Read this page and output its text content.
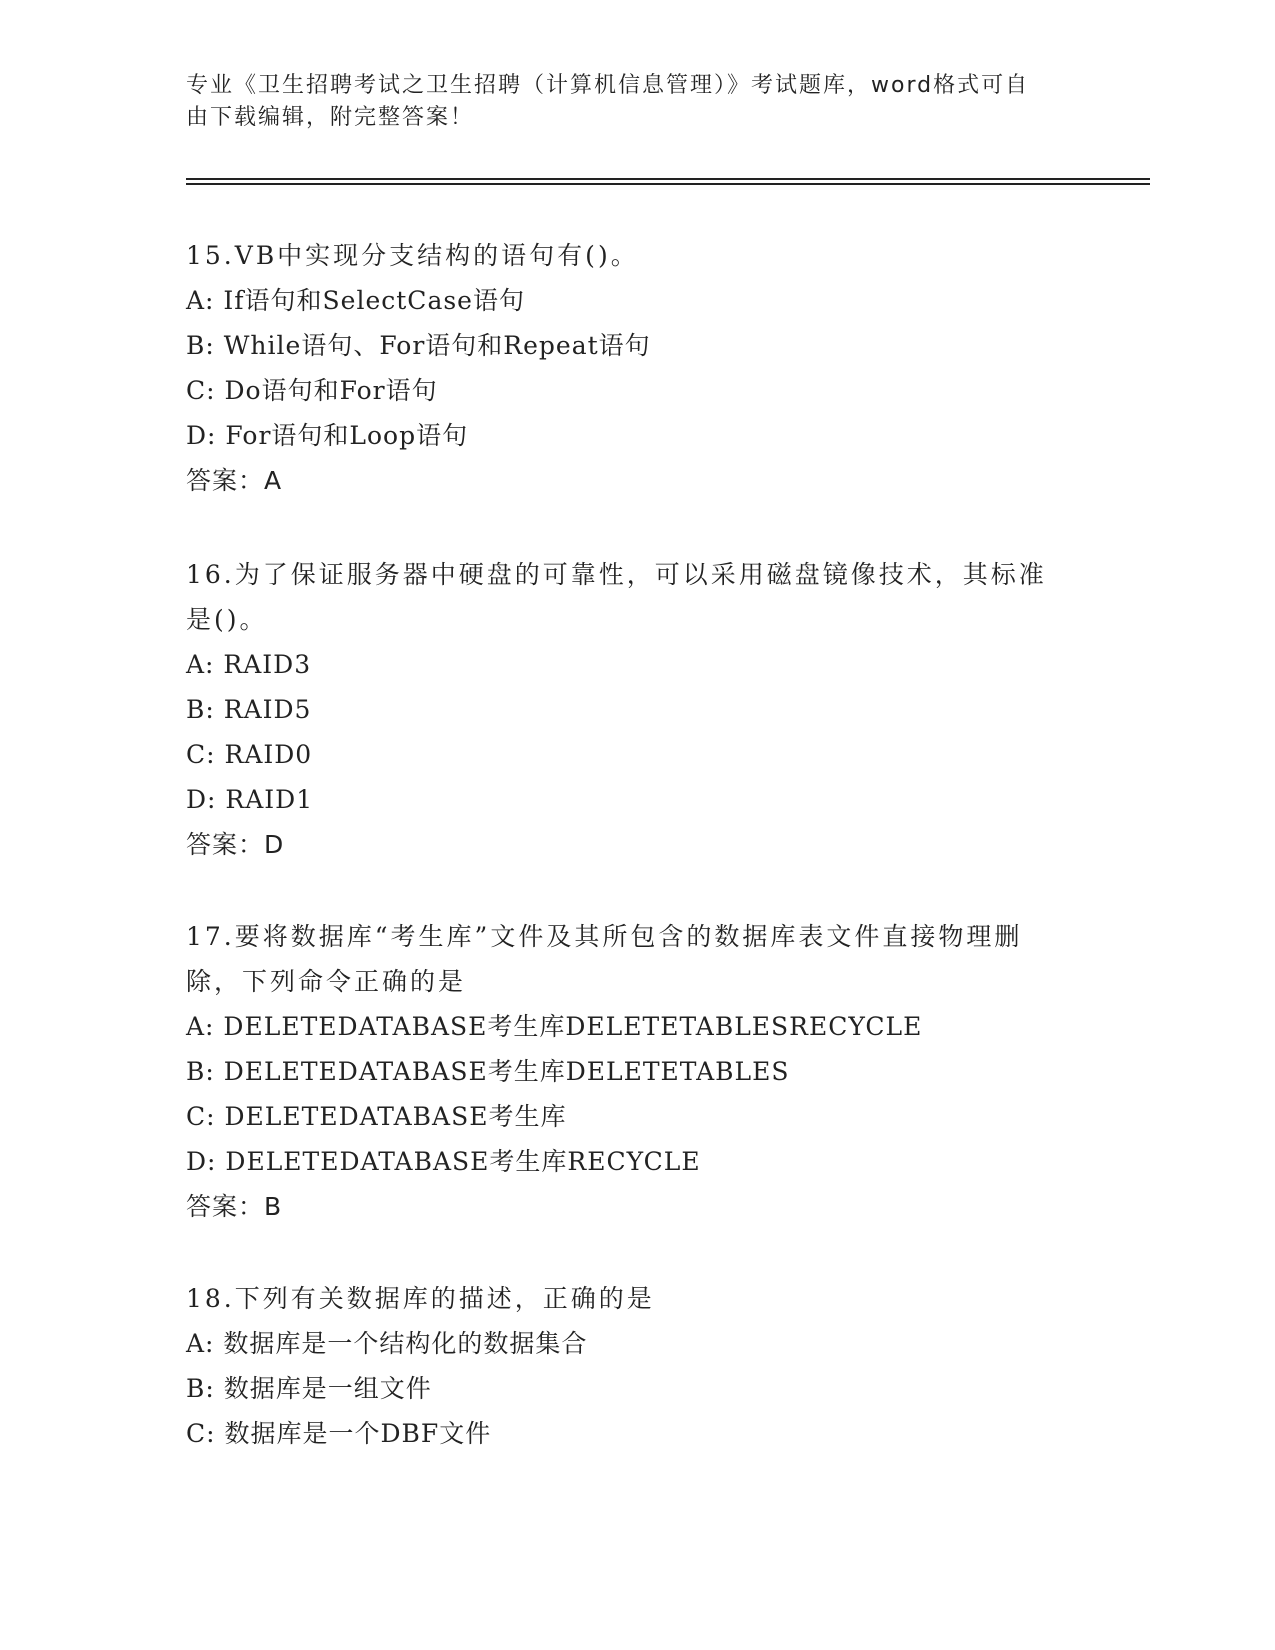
专业《卫生招聘考试之卫生招聘（计算机信息管理）》考试题库，word格式可自
由下载编辑，附完整答案！

15.VB中实现分支结构的语句有()。

A: If语句和SelectCase语句

B: While语句、For语句和Repeat语句

C: Do语句和For语句

D: For语句和Loop语句

答案：A

16.为了保证服务器中硬盘的可靠性，可以采用磁盘镜像技术，其标准

是()。

A: RAID3

B: RAID5

C: RAID0

D: RAID1

答案：D

17.要将数据库“考生库”文件及其所包含的数据库表文件直接物理删

除，下列命令正确的是

A: DELETEDATABASE考生库DELETETABLESRECYCLE

B: DELETEDATABASE考生库DELETETABLES

C: DELETEDATABASE考生库

D: DELETEDATABASE考生库RECYCLE

答案：B

18.下列有关数据库的描述，正确的是

A: 数据库是一个结构化的数据集合

B: 数据库是一组文件

C: 数据库是一个DBF文件
